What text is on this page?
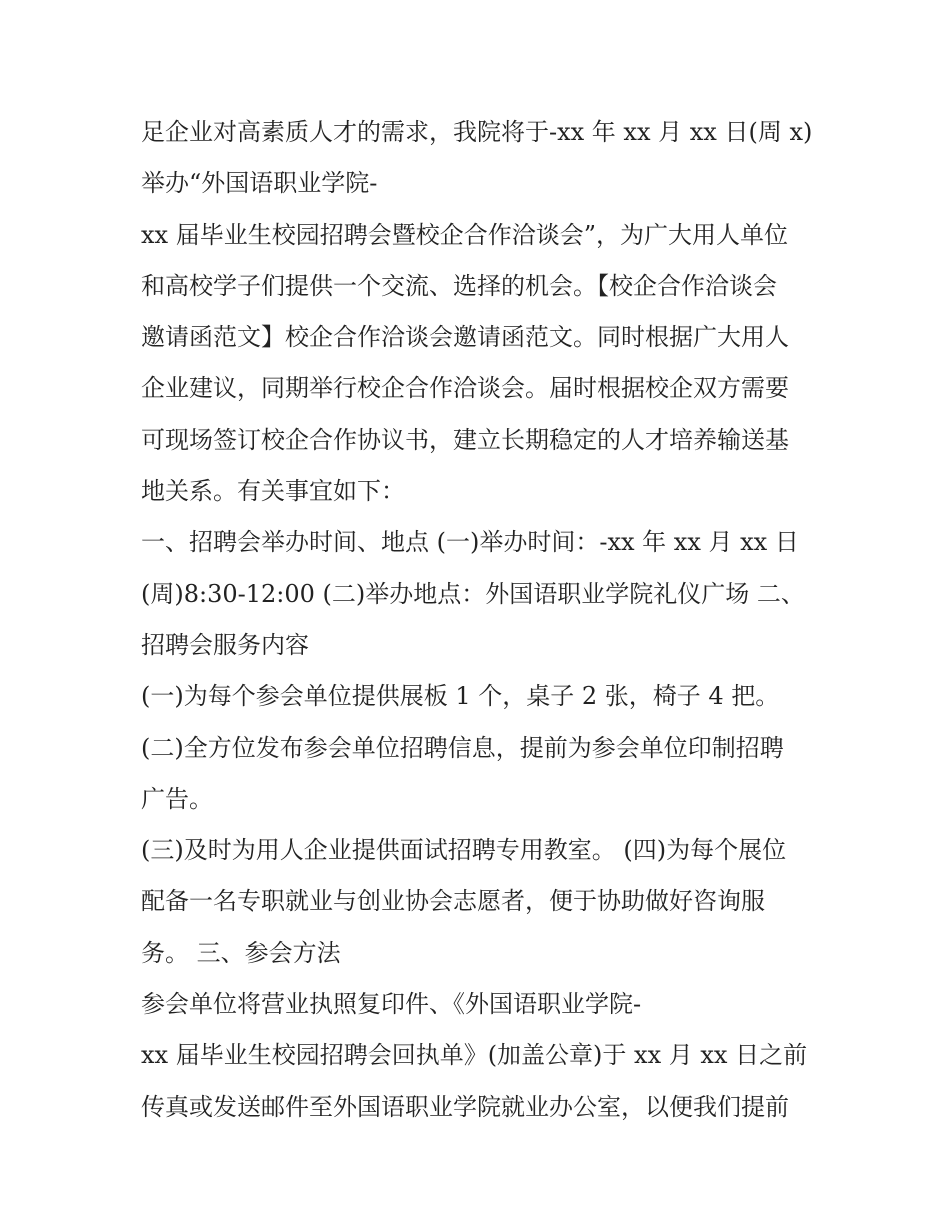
足企业对高素质人才的需求，我院将于-xx 年 xx 月 xx 日(周 x)
举办“外国语职业学院-
xx 届毕业生校园招聘会暨校企合作洽谈会”，为广大用人单位
和高校学子们提供一个交流、选择的机会。【校企合作洽谈会
邀请函范文】校企合作洽谈会邀请函范文。同时根据广大用人
企业建议，同期举行校企合作洽谈会。届时根据校企双方需要
可现场签订校企合作协议书，建立长期稳定的人才培养输送基
地关系。有关事宜如下：
一、招聘会举办时间、地点 (一)举办时间：-xx 年 xx 月 xx 日
(周)8:30-12:00 (二)举办地点：外国语职业学院礼仪广场 二、
招聘会服务内容
(一)为每个参会单位提供展板 1 个，桌子 2 张，椅子 4 把。
(二)全方位发布参会单位招聘信息，提前为参会单位印制招聘
广告。
(三)及时为用人企业提供面试招聘专用教室。 (四)为每个展位
配备一名专职就业与创业协会志愿者，便于协助做好咨询服
务。 三、参会方法
参会单位将营业执照复印件、《外国语职业学院-
xx 届毕业生校园招聘会回执单》(加盖公章)于 xx 月 xx 日之前
传真或发送邮件至外国语职业学院就业办公室，以便我们提前
